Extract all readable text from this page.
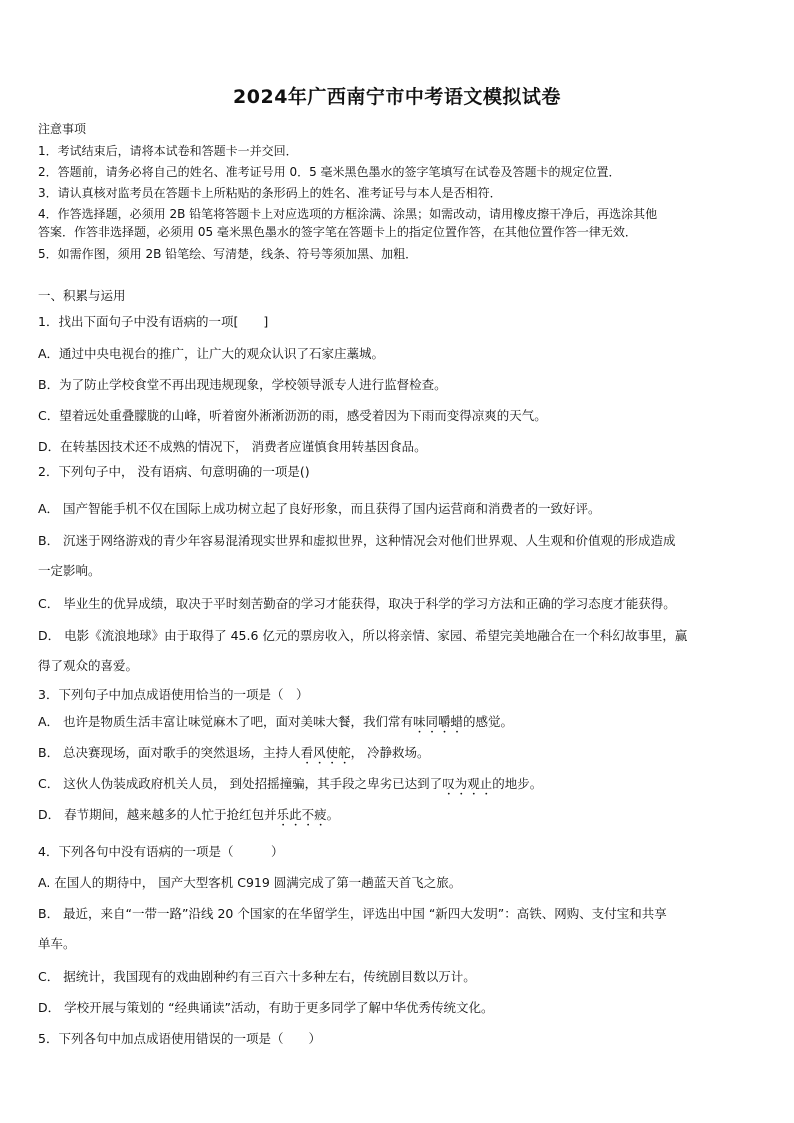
2024年广西南宁市中考语文模拟试卷
注意事项
1．考试结束后，请将本试卷和答题卡一并交回．
2．答题前，请务必将自己的姓名、准考证号用 0．5 毫米黑色墨水的签字笔填写在试卷及答题卡的规定位置．
3．请认真核对监考员在答题卡上所粘贴的条形码上的姓名、准考证号与本人是否相符．
4．作答选择题，必须用 2B 铅笔将答题卡上对应选项的方框涂满、涂黑；如需改动，请用橡皮擦干净后，再选涂其他
答案．作答非选择题，必须用 05 毫米黑色墨水的签字笔在答题卡上的指定位置作答，在其他位置作答一律无效．
5．如需作图，须用 2B 铅笔绘、写清楚，线条、符号等须加黑、加粗．
一、积累与运用
1．找出下面句子中没有语病的一项[　　]
A．通过中央电视台的推广，让广大的观众认识了石家庄藁城。
B．为了防止学校食堂不再出现违规现象，学校领导派专人进行监督检查。
C．望着远处重叠朦胧的山峰，听着窗外淅淅沥沥的雨，感受着因为下雨而变得凉爽的天气。
D．在转基因技术还不成熟的情况下， 消费者应谨慎食用转基因食品。
2．下列句子中， 没有语病、句意明确的一项是()
A． 国产智能手机不仅在国际上成功树立起了良好形象，而且获得了国内运营商和消费者的一致好评。
B． 沉迷于网络游戏的青少年容易混淆现实世界和虚拟世界，这种情况会对他们世界观、人生观和价值观的形成造成
一定影响。
C． 毕业生的优异成绩，取决于平时刻苦勤奋的学习才能获得，取决于科学的学习方法和正确的学习态度才能获得。
D． 电影《流浪地球》由于取得了 45.6 亿元的票房收入，所以将亲情、家园、希望完美地融合在一个科幻故事里，赢
得了观众的喜爱。
3．下列句子中加点成语使用恰当的一项是（　）
A． 也许是物质生活丰富让味觉麻木了吧，面对美味大餐，我们常有味同嚼蜡的感觉。
B． 总决赛现场，面对歌手的突然退场，主持人看风使舵， 冷静救场。
C． 这伙人伪装成政府机关人员， 到处招摇撞骗，其手段之卑劣已达到了叹为观止的地步。
D． 春节期间，越来越多的人忙于抢红包并乐此不疲。
4．下列各句中没有语病的一项是（　　　）
A. 在国人的期待中， 国产大型客机 C919 圆满完成了第一趟蓝天首飞之旅。
B． 最近，来自“一带一路”沿线 20 个国家的在华留学生，评选出中国 “新四大发明”：高铁、网购、支付宝和共享
单车。
C． 据统计，我国现有的戏曲剧种约有三百六十多种左右，传统剧目数以万计。
D． 学校开展与策划的 “经典诵读”活动，有助于更多同学了解中华优秀传统文化。
5．下列各句中加点成语使用错误的一项是（　　）
